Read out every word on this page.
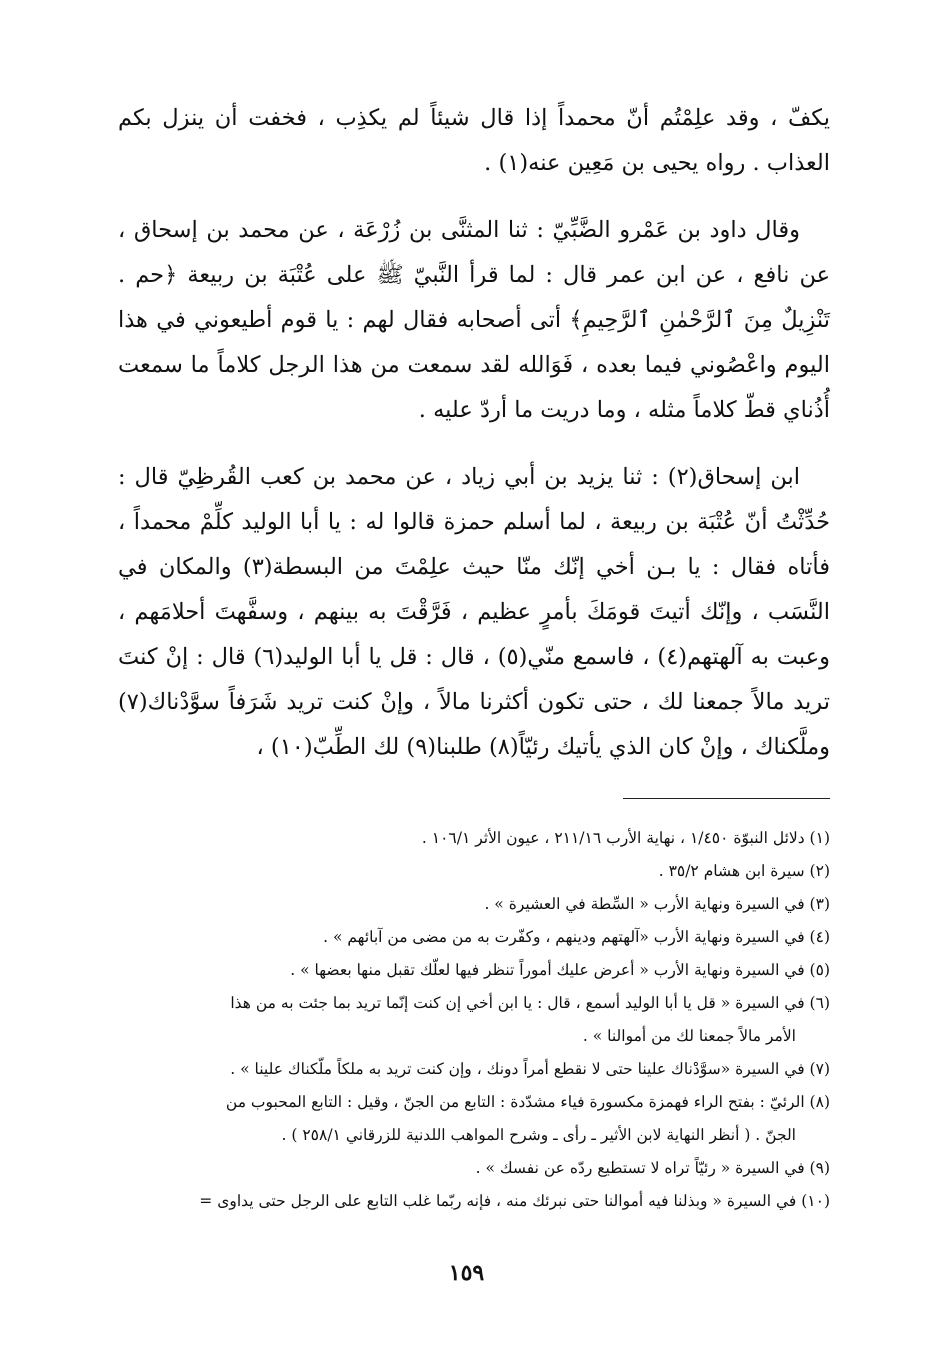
يكفّ ، وقد علِمْتُم أنّ محمداً إذا قال شيئاً لم يكذِب ، فخفت أن ينزل بكم العذاب . رواه يحيى بن مَعِين عنه(١) .

وقال داود بن عَمْرو الضَّبِّيّ : ثنا المثنَّى بن زُرْعَة ، عن محمد بن إسحاق ، عن نافع ، عن ابن عمر قال : لما قرأ النَّبيّ ﷺ على عُتْبَة بن ربيعة ﴿حم . تَنْزِيلٌ مِنَ ٱلرَّحْمٰنِ ٱلرَّحِيمِ﴾ أتى أصحابه فقال لهم : يا قوم أطيعوني في هذا اليوم واعْصُوني فيما بعده ، فَوَالله لقد سمعت من هذا الرجل كلاماً ما سمعت أُذُناي قطّ كلاماً مثله ، وما دريت ما أردّ عليه .

ابن إسحاق(٢) : ثنا يزيد بن أبي زياد ، عن محمد بن كعب القُرظِيّ قال : حُدِّثْتُ أنّ عُتْبَة بن ربيعة ، لما أسلم حمزة قالوا له : يا أبا الوليد كلِّمْ محمداً ، فأتاه فقال : يا بـن أخي إنّك منّا حيث علِمْتَ من البسطة(٣) والمكان في النَّسَب ، وإنّك أتيتَ قومَكَ بأمرٍ عظيم ، فَرَّقْتَ به بينهم ، وسفَّهتَ أحلامَهم ، وعبت به آلهتهم(٤) ، فاسمع منّي(٥) ، قال : قل يا أبا الوليد(٦) قال : إنْ كنتَ تريد مالاً جمعنا لك ، حتى تكون أكثرنا مالاً ، وإنْ كنت تريد شَرَفاً سوَّدْناك(٧) وملَّكناك ، وإنْ كان الذي يأتيك رئيّاً(٨) طلبنا(٩) لك الطِّبّ(١٠) ،

(١) دلائل النبوّة ١/٤٥٠ ، نهاية الأرب ٢١١/١٦ ، عيون الأثر ١٠٦/١ .

(٢) سيرة ابن هشام ٣٥/٢ .

(٣) في السيرة ونهاية الأرب « السِّطة في العشيرة » .

(٤) في السيرة ونهاية الأرب «آلهتهم ودينهم ، وكفّرت به من مضى من آبائهم » .

(٥) في السيرة ونهاية الأرب « أعرض عليك أموراً تنظر فيها لعلّك تقبل منها بعضها » .

(٦) في السيرة « قل يا أبا الوليد أسمع ، قال : يا ابن أخي إن كنت إنّما تريد بما جئت به من هذا

الأمر مالاً جمعنا لك من أموالنا » .

(٧) في السيرة «سوَّدْناك علينا حتى لا نقطع أمراً دونك ، وإن كنت تريد به ملكاً ملّكناك علينا » .

(٨) الرئيّ : بفتح الراء فهمزة مكسورة فياء مشدّدة : التابع من الجنّ ، وقيل : التابع المحبوب من

الجنّ . ( أنظر النهاية لابن الأثير ـ رأى ـ وشرح المواهب اللدنية للزرقاني ٢٥٨/١ ) .

(٩) في السيرة « رئيّاً تراه لا تستطيع ردّه عن نفسك » .

(١٠) في السيرة « وبذلنا فيه أموالنا حتى نبرئك منه ، فإنه ربّما غلب التابع على الرجل حتى يداوى =

١٥٩
